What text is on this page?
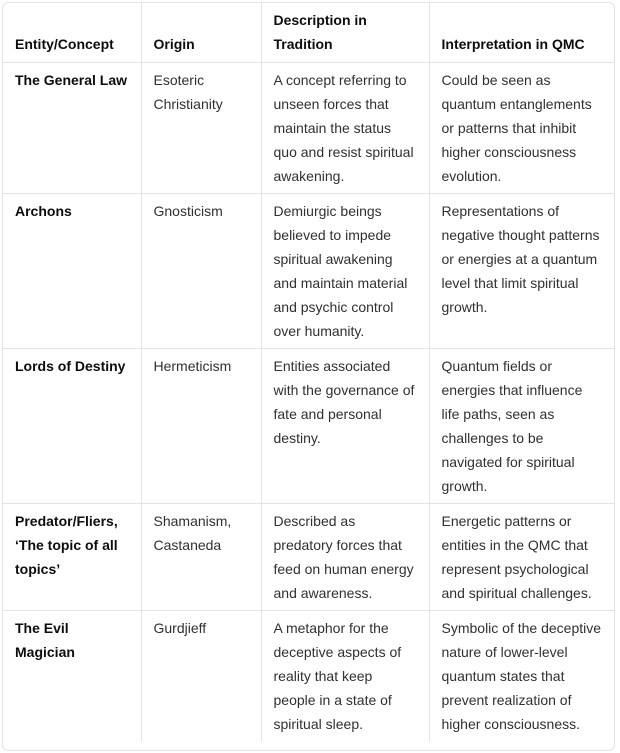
Entity/Concept	Origin	Description in Tradition	Interpretation in QMC
The General Law	Esoteric Christianity	A concept referring to unseen forces that maintain the status quo and resist spiritual awakening.	Could be seen as quantum entanglements or patterns that inhibit higher consciousness evolution.
Archons	Gnosticism	Demiurgic beings believed to impede spiritual awakening and maintain material and psychic control over humanity.	Representations of negative thought patterns or energies at a quantum level that limit spiritual growth.
Lords of Destiny	Hermeticism	Entities associated with the governance of fate and personal destiny.	Quantum fields or energies that influence life paths, seen as challenges to be navigated for spiritual growth.
Predator/Fliers, ‘The topic of all topics’	Shamanism, Castaneda	Described as predatory forces that feed on human energy and awareness.	Energetic patterns or entities in the QMC that represent psychological and spiritual challenges.
The Evil Magician	Gurdjieff	A metaphor for the deceptive aspects of reality that keep people in a state of spiritual sleep.	Symbolic of the deceptive nature of lower-level quantum states that prevent realization of higher consciousness.
